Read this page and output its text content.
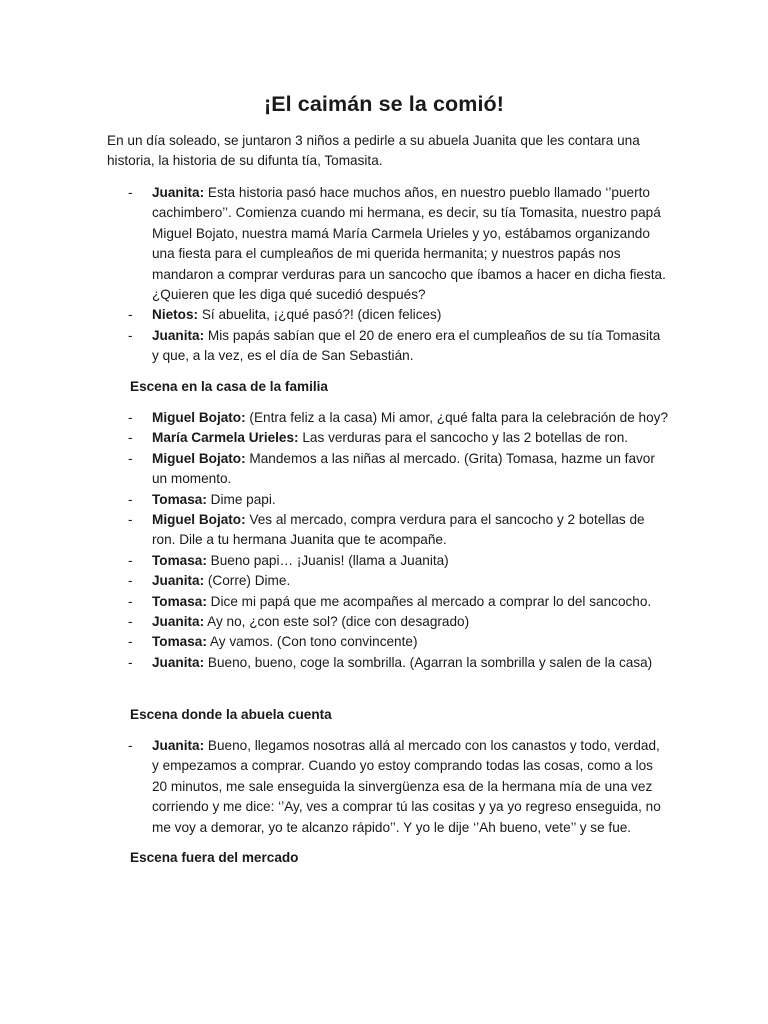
¡El caimán se la comió!
En un día soleado, se juntaron 3 niños a pedirle a su abuela Juanita que les contara una historia, la historia de su difunta tía, Tomasita.
- Juanita: Esta historia pasó hace muchos años, en nuestro pueblo llamado ‘’puerto cachimbero’’. Comienza cuando mi hermana, es decir, su tía Tomasita, nuestro papá Miguel Bojato, nuestra mamá María Carmela Urieles y yo, estábamos organizando una fiesta para el cumpleaños de mi querida hermanita; y nuestros papás nos mandaron a comprar verduras para un sancocho que íbamos a hacer en dicha fiesta. ¿Quieren que les diga qué sucedió después?
- Nietos: Sí abuelita, ¡¿qué pasó?! (dicen felices)
- Juanita: Mis papás sabían que el 20 de enero era el cumpleaños de su tía Tomasita y que, a la vez, es el día de San Sebastián.
Escena en la casa de la familia
- Miguel Bojato: (Entra feliz a la casa) Mi amor, ¿qué falta para la celebración de hoy?
- María Carmela Urieles: Las verduras para el sancocho y las 2 botellas de ron.
- Miguel Bojato: Mandemos a las niñas al mercado. (Grita) Tomasa, hazme un favor un momento.
- Tomasa: Dime papi.
- Miguel Bojato: Ves al mercado, compra verdura para el sancocho y 2 botellas de ron. Dile a tu hermana Juanita que te acompañe.
- Tomasa: Bueno papi… ¡Juanis! (llama a Juanita)
- Juanita: (Corre) Dime.
- Tomasa: Dice mi papá que me acompañes al mercado a comprar lo del sancocho.
- Juanita: Ay no, ¿con este sol? (dice con desagrado)
- Tomasa: Ay vamos. (Con tono convincente)
- Juanita: Bueno, bueno, coge la sombrilla. (Agarran la sombrilla y salen de la casa)
Escena donde la abuela cuenta
- Juanita: Bueno, llegamos nosotras allá al mercado con los canastos y todo, verdad, y empezamos a comprar. Cuando yo estoy comprando todas las cosas, como a los 20 minutos, me sale enseguida la sinvergüenza esa de la hermana mía de una vez corriendo y me dice: ‘’Ay, ves a comprar tú las cositas y ya yo regreso enseguida, no me voy a demorar, yo te alcanzo rápido’’. Y yo le dije ‘’Ah bueno, vete’’ y se fue.
Escena fuera del mercado
